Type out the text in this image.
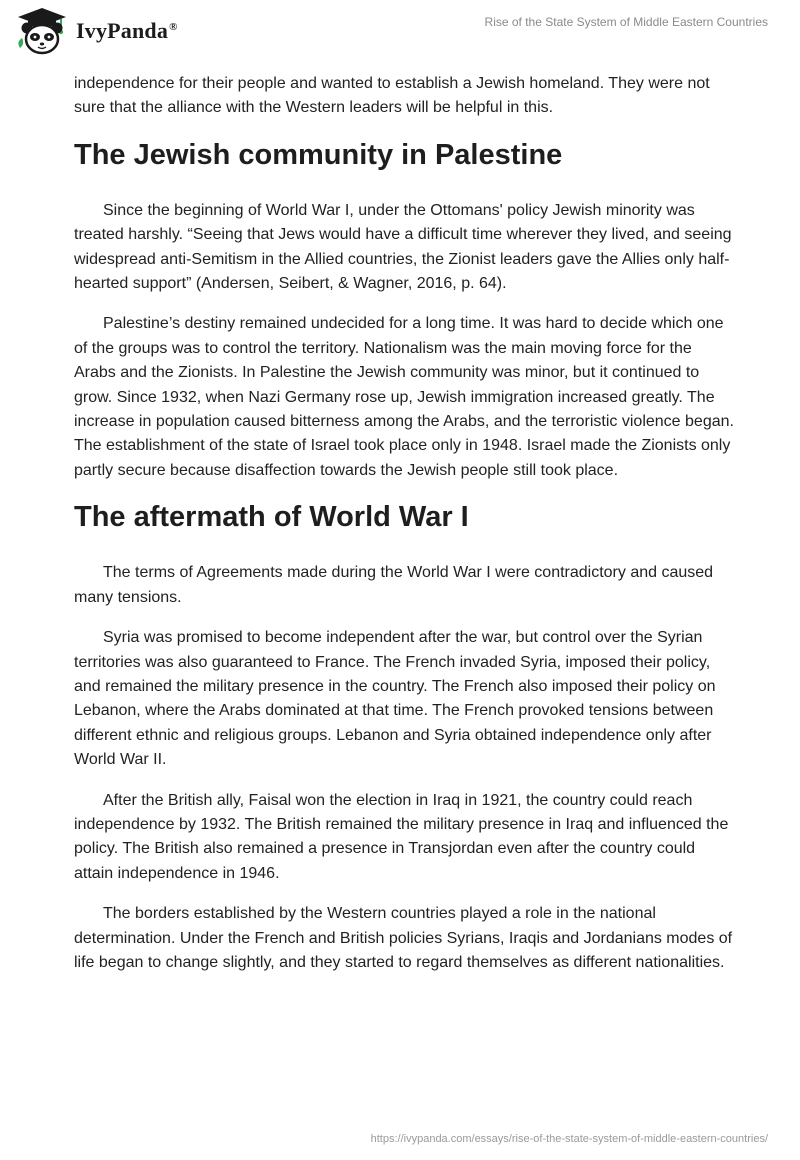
IvyPanda®	Rise of the State System of Middle Eastern Countries

independence for their people and wanted to establish a Jewish homeland. They were not sure that the alliance with the Western leaders will be helpful in this.

The Jewish community in Palestine

Since the beginning of World War I, under the Ottomans' policy Jewish minority was treated harshly. “Seeing that Jews would have a difficult time wherever they lived, and seeing widespread anti-Semitism in the Allied countries, the Zionist leaders gave the Allies only half-hearted support” (Andersen, Seibert, & Wagner, 2016, p. 64).

Palestine’s destiny remained undecided for a long time. It was hard to decide which one of the groups was to control the territory. Nationalism was the main moving force for the Arabs and the Zionists. In Palestine the Jewish community was minor, but it continued to grow. Since 1932, when Nazi Germany rose up, Jewish immigration increased greatly. The increase in population caused bitterness among the Arabs, and the terroristic violence began. The establishment of the state of Israel took place only in 1948. Israel made the Zionists only partly secure because disaffection towards the Jewish people still took place.

The aftermath of World War I

The terms of Agreements made during the World War I were contradictory and caused many tensions.

Syria was promised to become independent after the war, but control over the Syrian territories was also guaranteed to France. The French invaded Syria, imposed their policy, and remained the military presence in the country. The French also imposed their policy on Lebanon, where the Arabs dominated at that time. The French provoked tensions between different ethnic and religious groups. Lebanon and Syria obtained independence only after World War II.

After the British ally, Faisal won the election in Iraq in 1921, the country could reach independence by 1932. The British remained the military presence in Iraq and influenced the policy. The British also remained a presence in Transjordan even after the country could attain independence in 1946.

The borders established by the Western countries played a role in the national determination. Under the French and British policies Syrians, Iraqis and Jordanians modes of life began to change slightly, and they started to regard themselves as different nationalities.

https://ivypanda.com/essays/rise-of-the-state-system-of-middle-eastern-countries/
